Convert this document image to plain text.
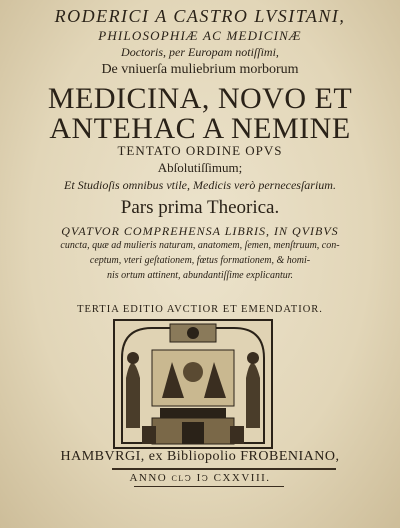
RODERICI A CASTRO LVSITANI,
PHILOSOPHIÆ AC MEDICINÆ
Doctoris, per Europam notiſſimi,
De vniuerſa muliebrium morborum
MEDICINA, NOVO ET
ANTEHAC A NEMINE
TENTATO ORDINE OPVS
Abſolutiſſimum;
Et Studioſis omnibus vtile, Medicis verò pernecesſarium.
Pars prima Theorica.
QVATVOR COMPREHENSA LIBRIS, IN QVIBVS
cuncta, quæ ad mulieris naturam, anatomem, ſemen, menſtruum, con-
ceptum, vteri geſtationem, fœtus formationem, & homi-
nis ortum attinent, abundantiſſime explicantur.
TERTIA EDITIO AVCTIOR ET EMENDATIOR.
HAMBVRGI, ex Bibliopolio FROBENIANO,
ANNO clↄ Iↄ CXXVIII.
